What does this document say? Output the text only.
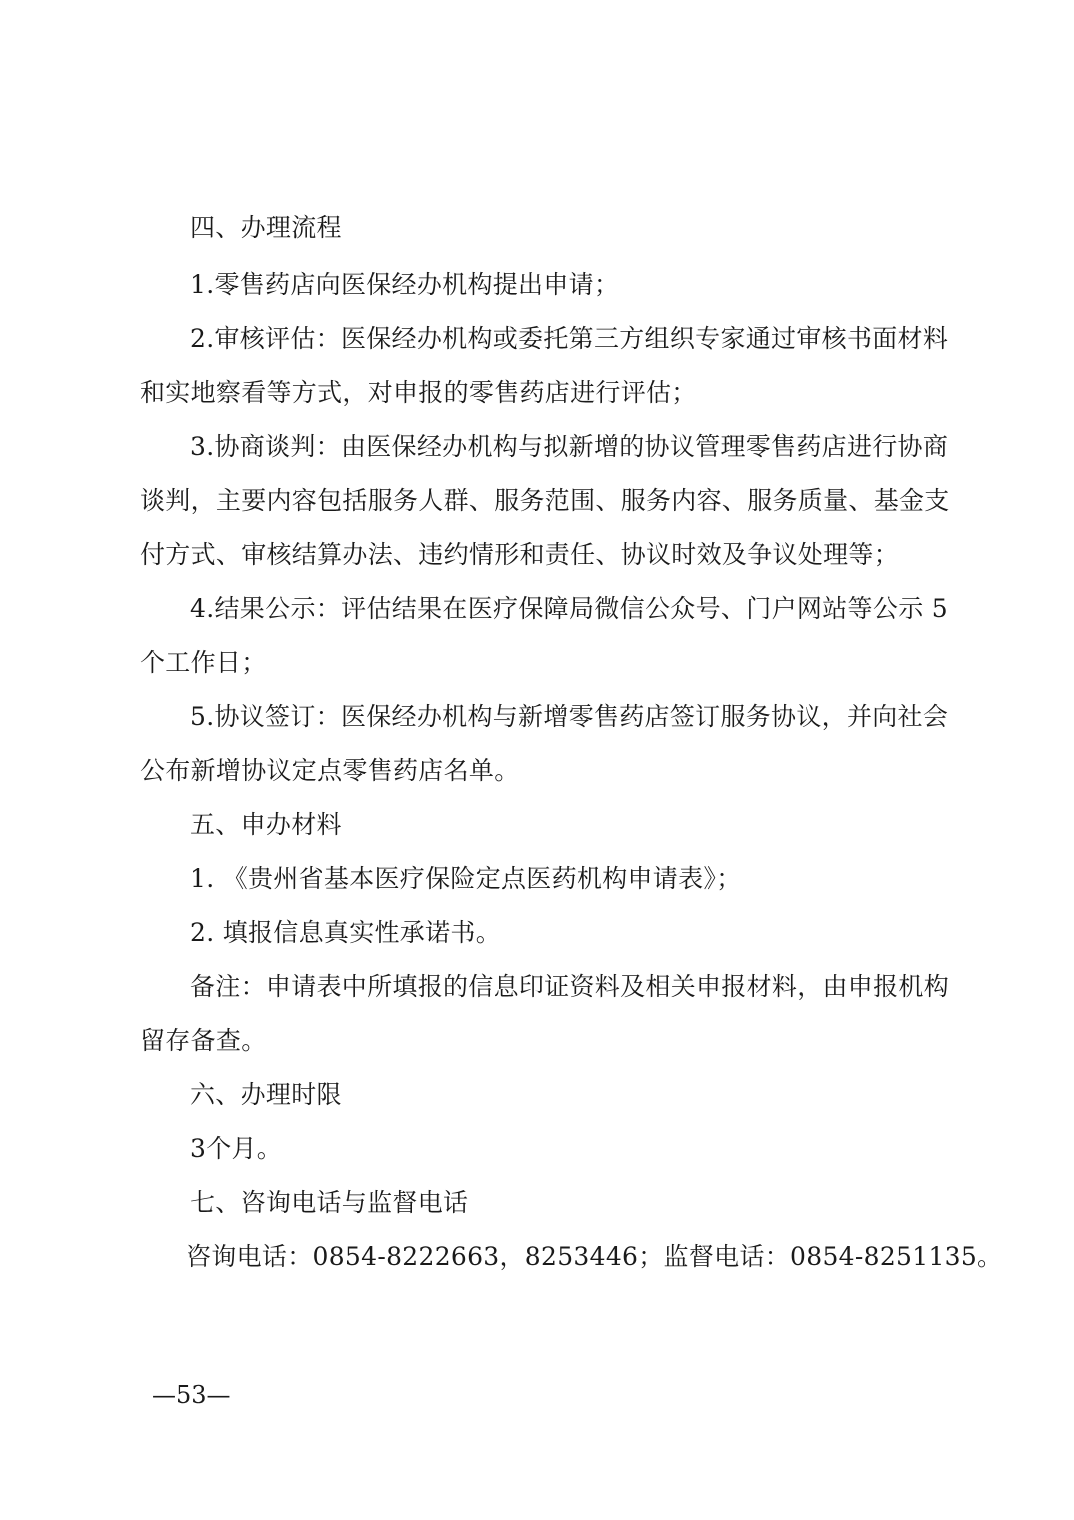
四、办理流程
1.零售药店向医保经办机构提出申请；
2.审核评估：医保经办机构或委托第三方组织专家通过审核书面材料
和实地察看等方式，对申报的零售药店进行评估；
3.协商谈判：由医保经办机构与拟新增的协议管理零售药店进行协商
谈判，主要内容包括服务人群、服务范围、服务内容、服务质量、基金支
付方式、审核结算办法、违约情形和责任、协议时效及争议处理等；
4.结果公示：评估结果在医疗保障局微信公众号、门户网站等公示 5
个工作日；
5.协议签订：医保经办机构与新增零售药店签订服务协议，并向社会
公布新增协议定点零售药店名单。
五、申办材料
1. 《贵州省基本医疗保险定点医药机构申请表》；
2. 填报信息真实性承诺书。
备注：申请表中所填报的信息印证资料及相关申报材料，由申报机构
留存备查。
六、办理时限
3个月。
七、咨询电话与监督电话
咨询电话：0854-8222663，8253446；监督电话：0854-8251135。
—53—
